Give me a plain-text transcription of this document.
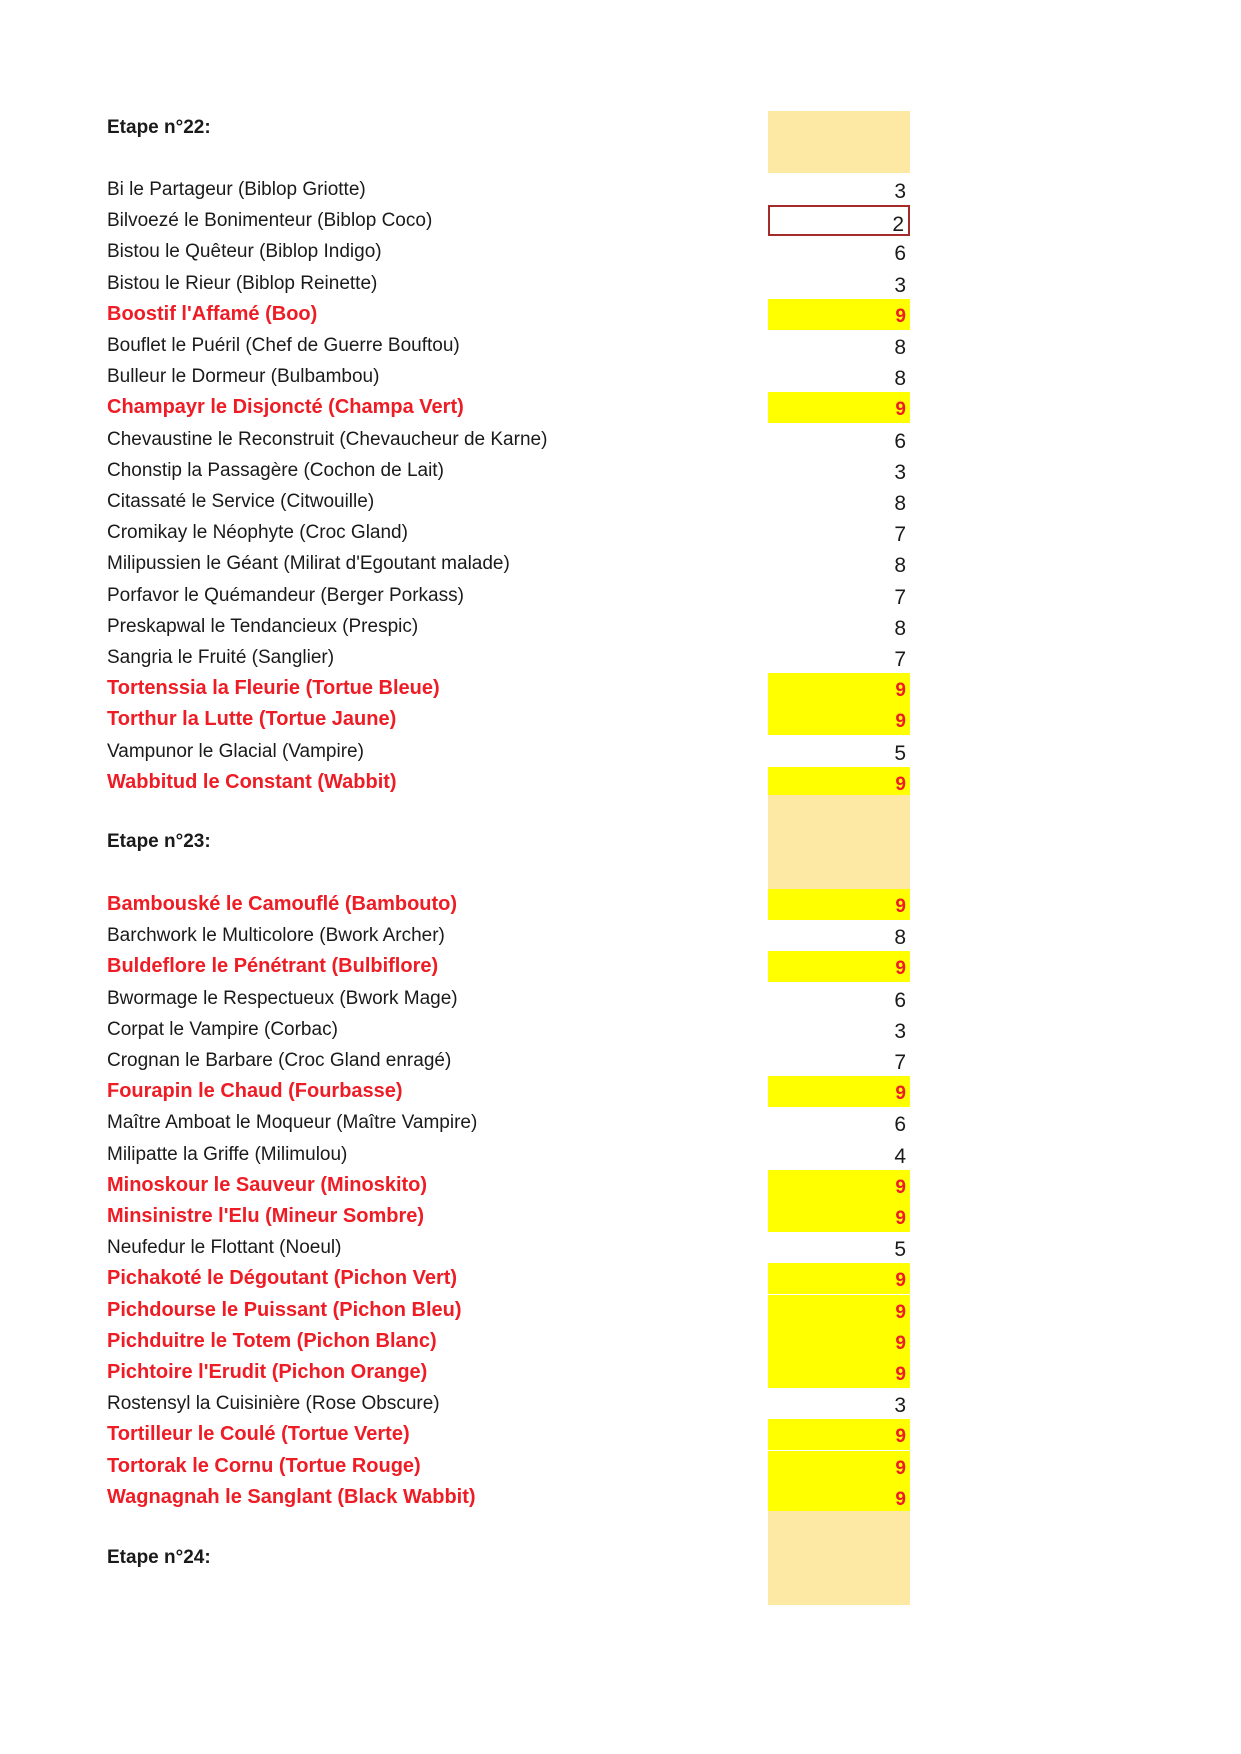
Etape n°22:
Bi le Partageur (Biblop Griotte)	3
Bilvoezé le Bonimenteur (Biblop Coco)	2
Bistou le Quêteur (Biblop Indigo)	6
Bistou le Rieur (Biblop Reinette)	3
Boostif l'Affamé (Boo)	9
Bouflet le Puéril (Chef de Guerre Bouftou)	8
Bulleur le Dormeur (Bulbambou)	8
Champayr le Disjoncté (Champa Vert)	9
Chevaustine le Reconstruit (Chevaucheur de Karne)	6
Chonstip la Passagère (Cochon de Lait)	3
Citassaté le Service (Citwouille)	8
Cromikay le Néophyte (Croc Gland)	7
Milipussien le Géant (Milirat d'Egoutant malade)	8
Porfavor le Quémandeur (Berger Porkass)	7
Preskapwal le Tendancieux (Prespic)	8
Sangria le Fruité (Sanglier)	7
Tortenssia la Fleurie (Tortue Bleue)	9
Torthur la Lutte (Tortue Jaune)	9
Vampunor le Glacial (Vampire)	5
Wabbitud le Constant (Wabbit)	9
Etape n°23:
Bambouské le Camouflé (Bambouto)	9
Barchwork le Multicolore (Bwork Archer)	8
Buldeflore le Pénétrant (Bulbiflore)	9
Bwormage le Respectueux (Bwork Mage)	6
Corpat le Vampire (Corbac)	3
Crognan le Barbare (Croc Gland enragé)	7
Fourapin le Chaud (Fourbasse)	9
Maître Amboat le Moqueur (Maître Vampire)	6
Milipatte la Griffe (Milimulou)	4
Minoskour le Sauveur (Minoskito)	9
Minsinistre l'Elu (Mineur Sombre)	9
Neufedur le Flottant (Noeul)	5
Pichakoté le Dégoutant (Pichon Vert)	9
Pichdourse le Puissant (Pichon Bleu)	9
Pichduitre le Totem (Pichon Blanc)	9
Pichtoire l'Erudit (Pichon Orange)	9
Rostensyl la Cuisinière (Rose Obscure)	3
Tortilleur le Coulé (Tortue Verte)	9
Tortorak le Cornu (Tortue Rouge)	9
Wagnagnah le Sanglant (Black Wabbit)	9
Etape n°24:
